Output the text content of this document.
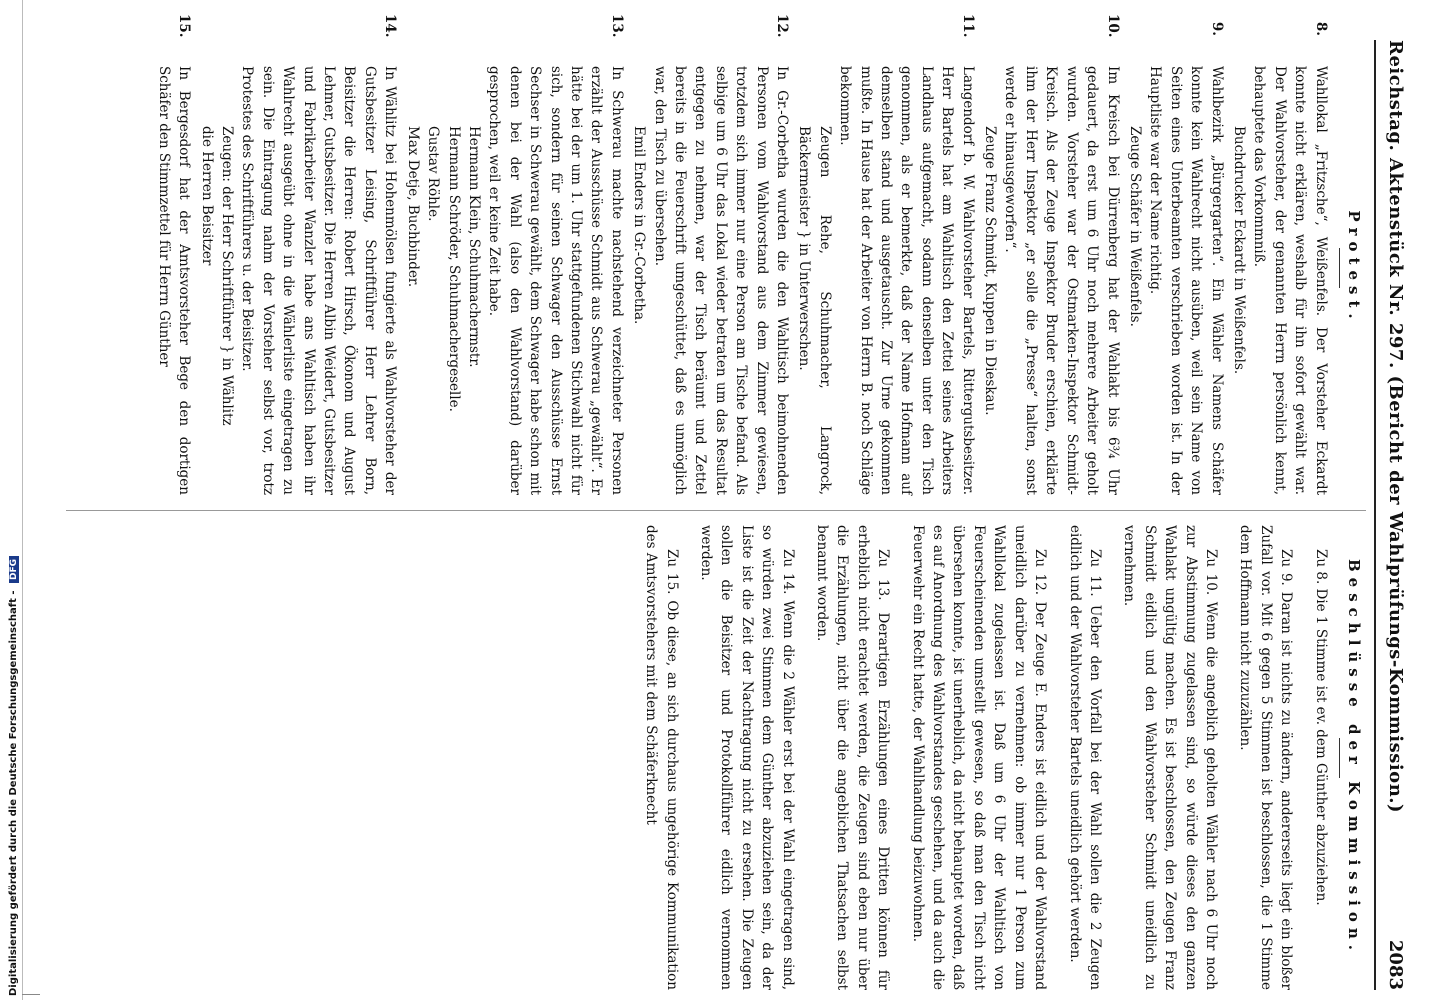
Reichstag. Aktenstück Nr. 297. (Bericht der Wahlprüfungs-Kommission.)
2083
Protest.
8.

Wahllokal „Fritzsche“, Weißenfels. Der Vorsteher Eckardt konnte nicht erklären, weshalb für ihn sofort gewählt war. Der Wahlvorsteher, der genannten Herrn persönlich kennt, behauptete das Vorkommniß.

Buchdrucker Eckardt in Weißenfels.

9.

Wahlbezirk „Bürgergarten“. Ein Wähler Namens Schäfer konnte kein Wahlrecht nicht ausüben, weil sein Name von Seiten eines Unterbeamten verschrieben worden ist. In der Hauptliste war der Name richtig.

Zeuge Schäfer in Weißenfels.

10.

Im Kreisch bei Dürrenberg hat der Wahlakt bis 6¾ Uhr gedauert, da erst um 6 Uhr noch mehrere Arbeiter geholt wurden. Vorsteher war der Ostmarken-Inspektor Schmidt-Kreisch. Als der Zeuge Inspektor Bruder erschien, erklärte ihm der Herr Inspektor „er solle die „Presse“ halten, sonst werde er hinausgeworfen“.

Zeuge Franz Schmidt, Kuppen in Dieskau.

11.

Langendorf b. W. Wahlvorsteher Bartels, Rittergutsbesitzer. Herr Bartels hat am Wahltisch den Zettel seines Arbeiters Landhaus aufgemacht, sodann denselben unter den Tisch genommen, als er bemerkte, daß der Name Hofmann auf demselben stand und ausgetauscht. Zur Urne gekommen mußte. In Hause hat der Arbeiter von Herrn B. noch Schläge bekommen.

Zeugen Rehe, Schuhmacher, Langrock, Bäckermeister } in Unterwerschen.

12.

In Gr.-Corbetha wurden die den Wahltisch beimohnenden Personen vom Wahlvorstand aus dem Zimmer gewiesen, trotzdem sich immer nur eine Person am Tische befand. Als selbige um 6 Uhr das Lokal wieder betraten um das Resultat entgegen zu nehmen, war der Tisch beräumt und Zettel bereits in die Feuerschrift umgeschüttet, daß es unmöglich war, den Tisch zu übersehen.

Emil Enders in Gr.-Corbetha.

13.

In Schwerau machte nachstehend verzeichneter Personen erzählt der Ausschüsse Schmidt aus Schwerau „gewählt“. Er hätte bei der um 1. Uhr stattgefundenen Stichwahl nicht für sich, sondern für seinen Schwager den Ausschüsse Ernst Sechser in Schwerau gewählt, dem Schwager habe schon mit denen bei der Wahl (also den Wahlvorstand) darüber gesprochen, weil er keine Zeit habe.

Hermann Klein, Schuhmachermstr.

Hermann Schröder, Schuhmachergeselle.

Gustav Röhle.

Max Detje, Buchbinder.

14.

In Wählitz bei Hohenmölsen fungierte als Wahlvorsteher der Gutsbesitzer Leising, Schriftführer Herr Lehrer Born, Beisitzer die Herren: Robert Hirsch, Ökonom und August Lehmer, Gutsbesitzer. Die Herren Albin Weidert, Gutsbesitzer und Fabrikarbeiter Wanzler habe ans Wahltisch haben ihr Wahlrecht ausgeübt ohne in die Wählerliste eingetragen zu sein. Die Eintragung nahm der Vorsteher selbst vor, trotz Protestes des Schriftführers u. der Beisitzer.

Zeugen: der Herr Schriftführer } in Wählitz

die Herren Beisitzer

15.

In Bergesdorf hat der Amtsvorsteher Bege den dortigen Schäfer den Stimmzettel für Herrn Günther

Beschlüsse der Kommission.

Zu 8. Die 1 Stimme ist ev. dem Günther abzuziehen.

Zu 9. Daran ist nichts zu ändern, andererseits liegt ein bloßer Zufall vor. Mit 6 gegen 5 Stimmen ist beschlossen, die 1 Stimme dem Hoffmann nicht zuzuzählen.

Zu 10. Wenn die angeblich geholten Wähler nach 6 Uhr noch zur Abstimmung zugelassen sind, so würde dieses den ganzen Wahlakt ungültig machen. Es ist beschlossen, den Zeugen Franz Schmidt eidlich und den Wahlvorsteher Schmidt uneidlich zu vernehmen.

Zu 11. Ueber den Vorfall bei der Wahl sollen die 2 Zeugen eidlich und der Wahlvorsteher Bartels uneidlich gehört werden.

Zu 12. Der Zeuge E. Enders ist eidlich und der Wahlvorstand uneidlich darüber zu vernehmen: ob immer nur 1 Person zum Wahllokal zugelassen ist. Daß um 6 Uhr der Wahltisch von Feuerscheinenden umstellt gewesen, so daß man den Tisch nicht übersehen konnte, ist unerheblich, da nicht behauptet worden, daß es auf Anordnung des Wahlvorstandes geschehen, und da auch die Feuerwehr ein Recht hatte, der Wahlhandlung beizuwohnen.

Zu 13. Derartigen Erzählungen eines Dritten können für erheblich nicht erachtet werden, die Zeugen sind eben nur über die Erzählungen, nicht über die angeblichen Thatsachen selbst benannt worden.

Zu 14. Wenn die 2 Wähler erst bei der Wahl eingetragen sind, so würden zwei Stimmen dem Günther abzuziehen sein, da der Liste ist die Zeit der Nachtragung nicht zu ersehen. Die Zeugen sollen die Beisitzer und Protokollführer eidlich vernommen werden.

Zu 15. Ob diese, an sich durchaus ungehörige Kommunikation des Amtsvorstehers mit dem Schäferknecht

Digitalisierung gefördert durch die Deutsche Forschungsgemeinschaft - DFG
